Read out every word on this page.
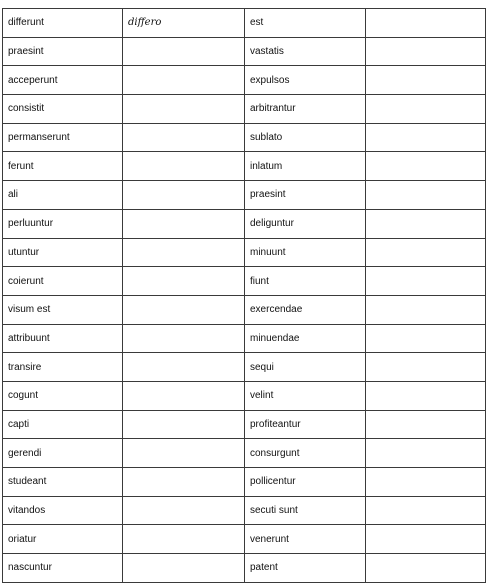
differunt	differo	est	
praesint		vastatis	
acceperunt		expulsos	
consistit		arbitrantur	
permanserunt		sublato	
ferunt		inlatum	
ali		praesint	
perluuntur		deliguntur	
utuntur		minuunt	
coierunt		fiunt	
visum est		exercendae	
attribuunt		minuendae	
transire		sequi	
cogunt		velint	
capti		profiteantur	
gerendi		consurgunt	
studeant		pollicentur	
vitandos		secuti sunt	
oriatur		venerunt	
nascuntur		patent	
